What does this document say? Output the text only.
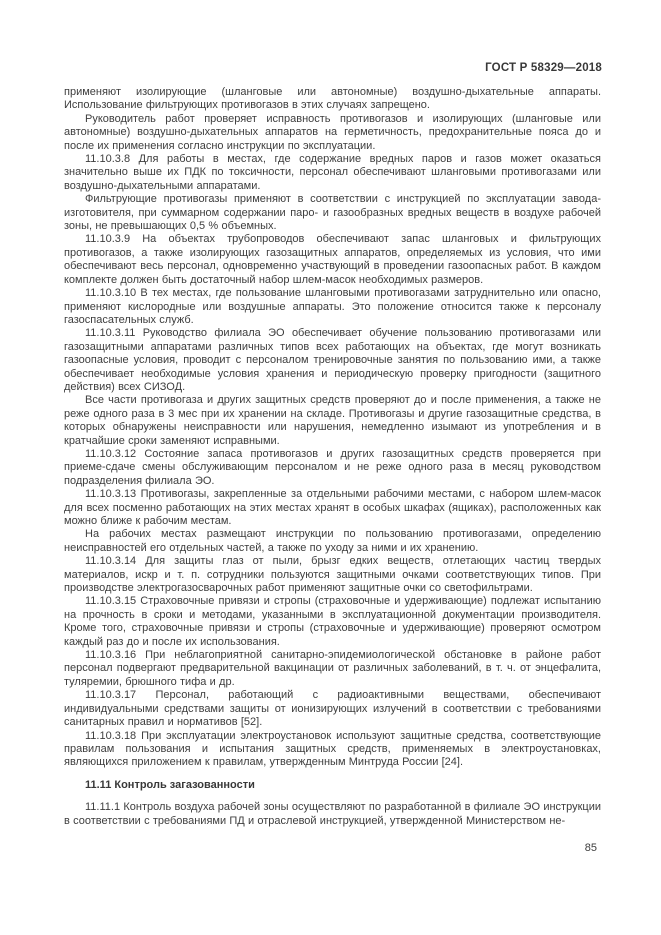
ГОСТ Р 58329—2018

применяют изолирующие (шланговые или автономные) воздушно-дыхательные аппараты. Использование фильтрующих противогазов в этих случаях запрещено.

Руководитель работ проверяет исправность противогазов и изолирующих (шланговые или автономные) воздушно-дыхательных аппаратов на герметичность, предохранительные пояса до и после их применения согласно инструкции по эксплуатации.

11.10.3.8 Для работы в местах, где содержание вредных паров и газов может оказаться значительно выше их ПДК по токсичности, персонал обеспечивают шланговыми противогазами или воздушно-дыхательными аппаратами.

Фильтрующие противогазы применяют в соответствии с инструкцией по эксплуатации завода-изготовителя, при суммарном содержании паро- и газообразных вредных веществ в воздухе рабочей зоны, не превышающих 0,5 % объемных.

11.10.3.9 На объектах трубопроводов обеспечивают запас шланговых и фильтрующих противогазов, а также изолирующих газозащитных аппаратов, определяемых из условия, что ими обеспечивают весь персонал, одновременно участвующий в проведении газоопасных работ. В каждом комплекте должен быть достаточный набор шлем-масок необходимых размеров.

11.10.3.10 В тех местах, где пользование шланговыми противогазами затруднительно или опасно, применяют кислородные или воздушные аппараты. Это положение относится также к персоналу газоспасательных служб.

11.10.3.11 Руководство филиала ЭО обеспечивает обучение пользованию противогазами или газозащитными аппаратами различных типов всех работающих на объектах, где могут возникать газоопасные условия, проводит с персоналом тренировочные занятия по пользованию ими, а также обеспечивает необходимые условия хранения и периодическую проверку пригодности (защитного действия) всех СИЗОД.

Все части противогаза и других защитных средств проверяют до и после применения, а также не реже одного раза в 3 мес при их хранении на складе. Противогазы и другие газозащитные средства, в которых обнаружены неисправности или нарушения, немедленно изымают из употребления и в кратчайшие сроки заменяют исправными.

11.10.3.12 Состояние запаса противогазов и других газозащитных средств проверяется при приеме-сдаче смены обслуживающим персоналом и не реже одного раза в месяц руководством подразделения филиала ЭО.

11.10.3.13 Противогазы, закрепленные за отдельными рабочими местами, с набором шлем-масок для всех посменно работающих на этих местах хранят в особых шкафах (ящиках), расположенных как можно ближе к рабочим местам.

На рабочих местах размещают инструкции по пользованию противогазами, определению неисправностей его отдельных частей, а также по уходу за ними и их хранению.

11.10.3.14 Для защиты глаз от пыли, брызг едких веществ, отлетающих частиц твердых материалов, искр и т. п. сотрудники пользуются защитными очками соответствующих типов. При производстве электрогазосварочных работ применяют защитные очки со светофильтрами.

11.10.3.15 Страховочные привязи и стропы (страховочные и удерживающие) подлежат испытанию на прочность в сроки и методами, указанными в эксплуатационной документации производителя. Кроме того, страховочные привязи и стропы (страховочные и удерживающие) проверяют осмотром каждый раз до и после их использования.

11.10.3.16 При неблагоприятной санитарно-эпидемиологической обстановке в районе работ персонал подвергают предварительной вакцинации от различных заболеваний, в т. ч. от энцефалита, туляремии, брюшного тифа и др.

11.10.3.17 Персонал, работающий с радиоактивными веществами, обеспечивают индивидуальными средствами защиты от ионизирующих излучений в соответствии с требованиями санитарных правил и нормативов [52].

11.10.3.18 При эксплуатации электроустановок используют защитные средства, соответствующие правилам пользования и испытания защитных средств, применяемых в электроустановках, являющихся приложением к правилам, утвержденным Минтруда России [24].

11.11 Контроль загазованности

11.11.1 Контроль воздуха рабочей зоны осуществляют по разработанной в филиале ЭО инструкции в соответствии с требованиями ПД и отраслевой инструкцией, утвержденной Министерством не-

85
